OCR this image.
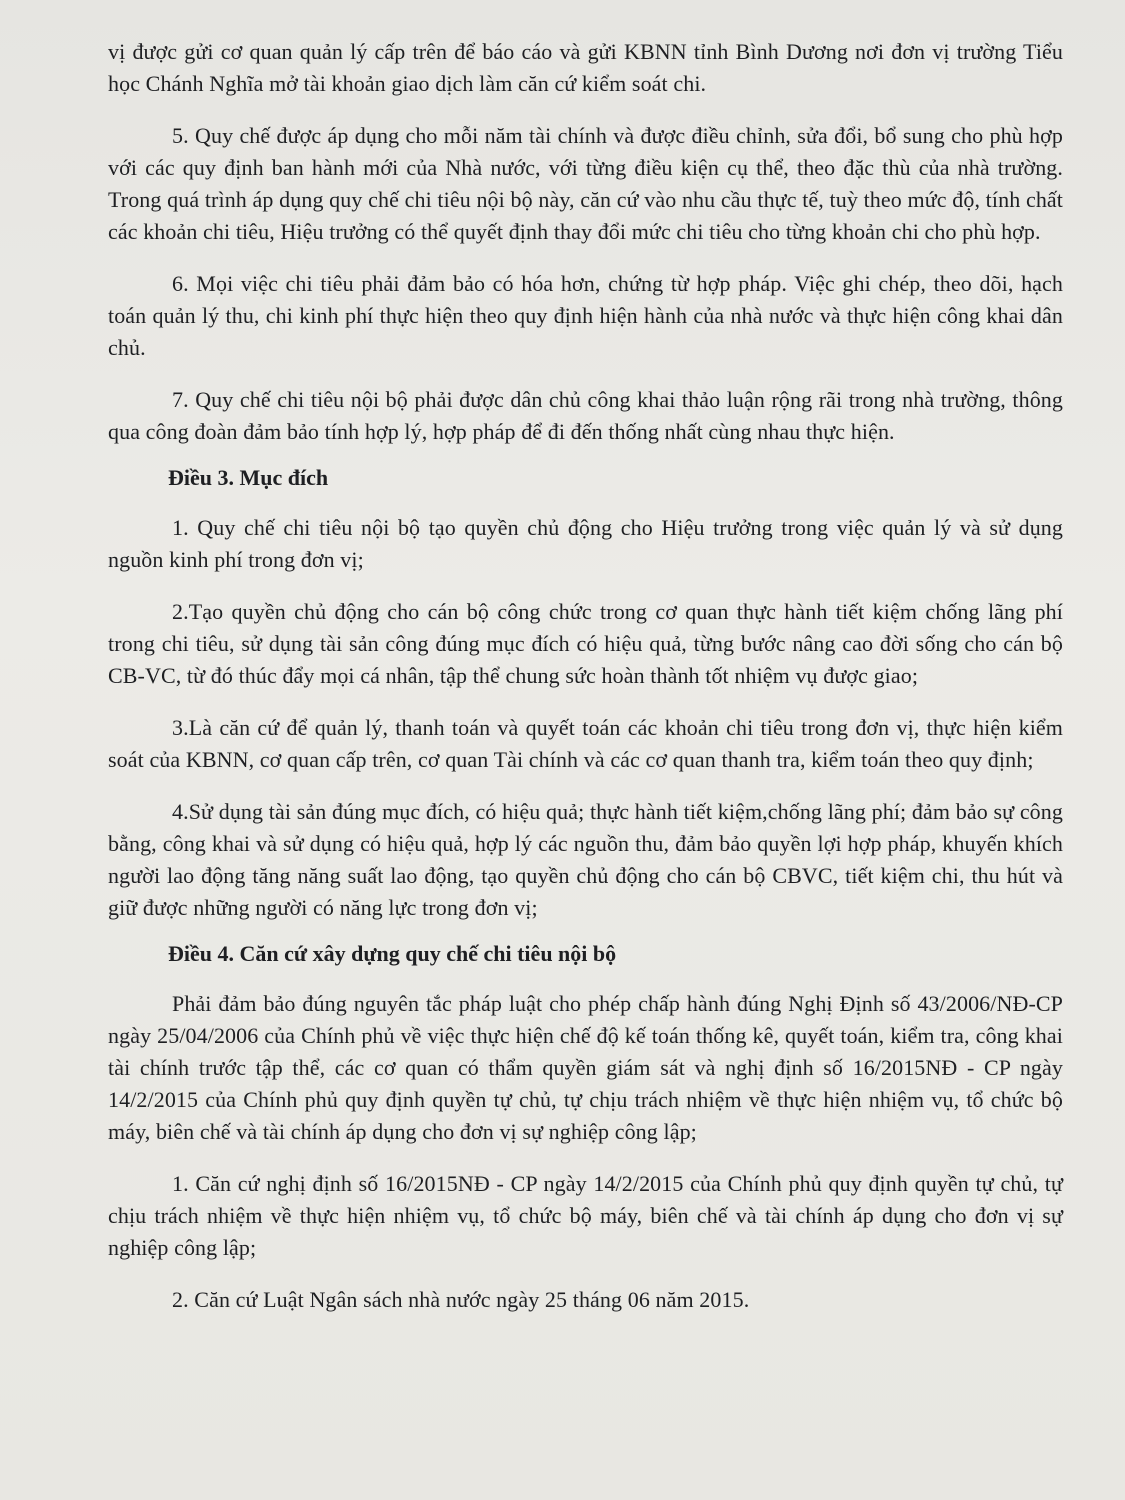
vị được gửi cơ quan quản lý cấp trên để báo cáo và gửi KBNN tỉnh Bình Dương nơi đơn vị trường Tiểu học Chánh Nghĩa mở tài khoản giao dịch làm căn cứ kiểm soát chi.

5. Quy chế được áp dụng cho mỗi năm tài chính và được điều chỉnh, sửa đổi, bổ sung cho phù hợp với các quy định ban hành mới của Nhà nước, với từng điều kiện cụ thể, theo đặc thù của nhà trường. Trong quá trình áp dụng quy chế chi tiêu nội bộ này, căn cứ vào nhu cầu thực tế, tuỳ theo mức độ, tính chất các khoản chi tiêu, Hiệu trưởng có thể quyết định thay đổi mức chi tiêu cho từng khoản chi cho phù hợp.

6. Mọi việc chi tiêu phải đảm bảo có hóa hơn, chứng từ hợp pháp. Việc ghi chép, theo dõi, hạch toán quản lý thu, chi kinh phí thực hiện theo quy định hiện hành của nhà nước và thực hiện công khai dân chủ.

7. Quy chế chi tiêu nội bộ phải được dân chủ công khai thảo luận rộng rãi trong nhà trường, thông qua công đoàn đảm bảo tính hợp lý, hợp pháp để đi đến thống nhất cùng nhau thực hiện.

Điều 3. Mục đích

1. Quy chế chi tiêu nội bộ tạo quyền chủ động cho Hiệu trưởng trong việc quản lý và sử dụng nguồn kinh phí trong đơn vị;

2.Tạo quyền chủ động cho cán bộ công chức trong cơ quan thực hành tiết kiệm chống lãng phí trong chi tiêu, sử dụng tài sản công đúng mục đích có hiệu quả, từng bước nâng cao đời sống cho cán bộ CB-VC, từ đó thúc đẩy mọi cá nhân, tập thể chung sức hoàn thành tốt nhiệm vụ được giao;

3.Là căn cứ để quản lý, thanh toán và quyết toán các khoản chi tiêu trong đơn vị, thực hiện kiểm soát của KBNN, cơ quan cấp trên, cơ quan Tài chính và các cơ quan thanh tra, kiểm toán theo quy định;

4.Sử dụng tài sản đúng mục đích, có hiệu quả; thực hành tiết kiệm,chống lãng phí; đảm bảo sự công bằng, công khai và sử dụng có hiệu quả, hợp lý các nguồn thu, đảm bảo quyền lợi hợp pháp, khuyến khích người lao động tăng năng suất lao động, tạo quyền chủ động cho cán bộ CBVC, tiết kiệm chi, thu hút và giữ được những người có năng lực trong đơn vị;

Điều 4. Căn cứ xây dựng quy chế chi tiêu nội bộ

Phải đảm bảo đúng nguyên tắc pháp luật cho phép chấp hành đúng Nghị Định số 43/2006/NĐ-CP ngày 25/04/2006 của Chính phủ về việc thực hiện chế độ kế toán thống kê, quyết toán, kiểm tra, công khai tài chính trước tập thể, các cơ quan có thẩm quyền giám sát và nghị định số 16/2015NĐ - CP ngày 14/2/2015 của Chính phủ quy định quyền tự chủ, tự chịu trách nhiệm về thực hiện nhiệm vụ, tổ chức bộ máy, biên chế và tài chính áp dụng cho đơn vị sự nghiệp công lập;

1. Căn cứ nghị định số 16/2015NĐ - CP ngày 14/2/2015 của Chính phủ quy định quyền tự chủ, tự chịu trách nhiệm về thực hiện nhiệm vụ, tổ chức bộ máy, biên chế và tài chính áp dụng cho đơn vị sự nghiệp công lập;

2. Căn cứ Luật Ngân sách nhà nước ngày 25 tháng 06 năm 2015.
